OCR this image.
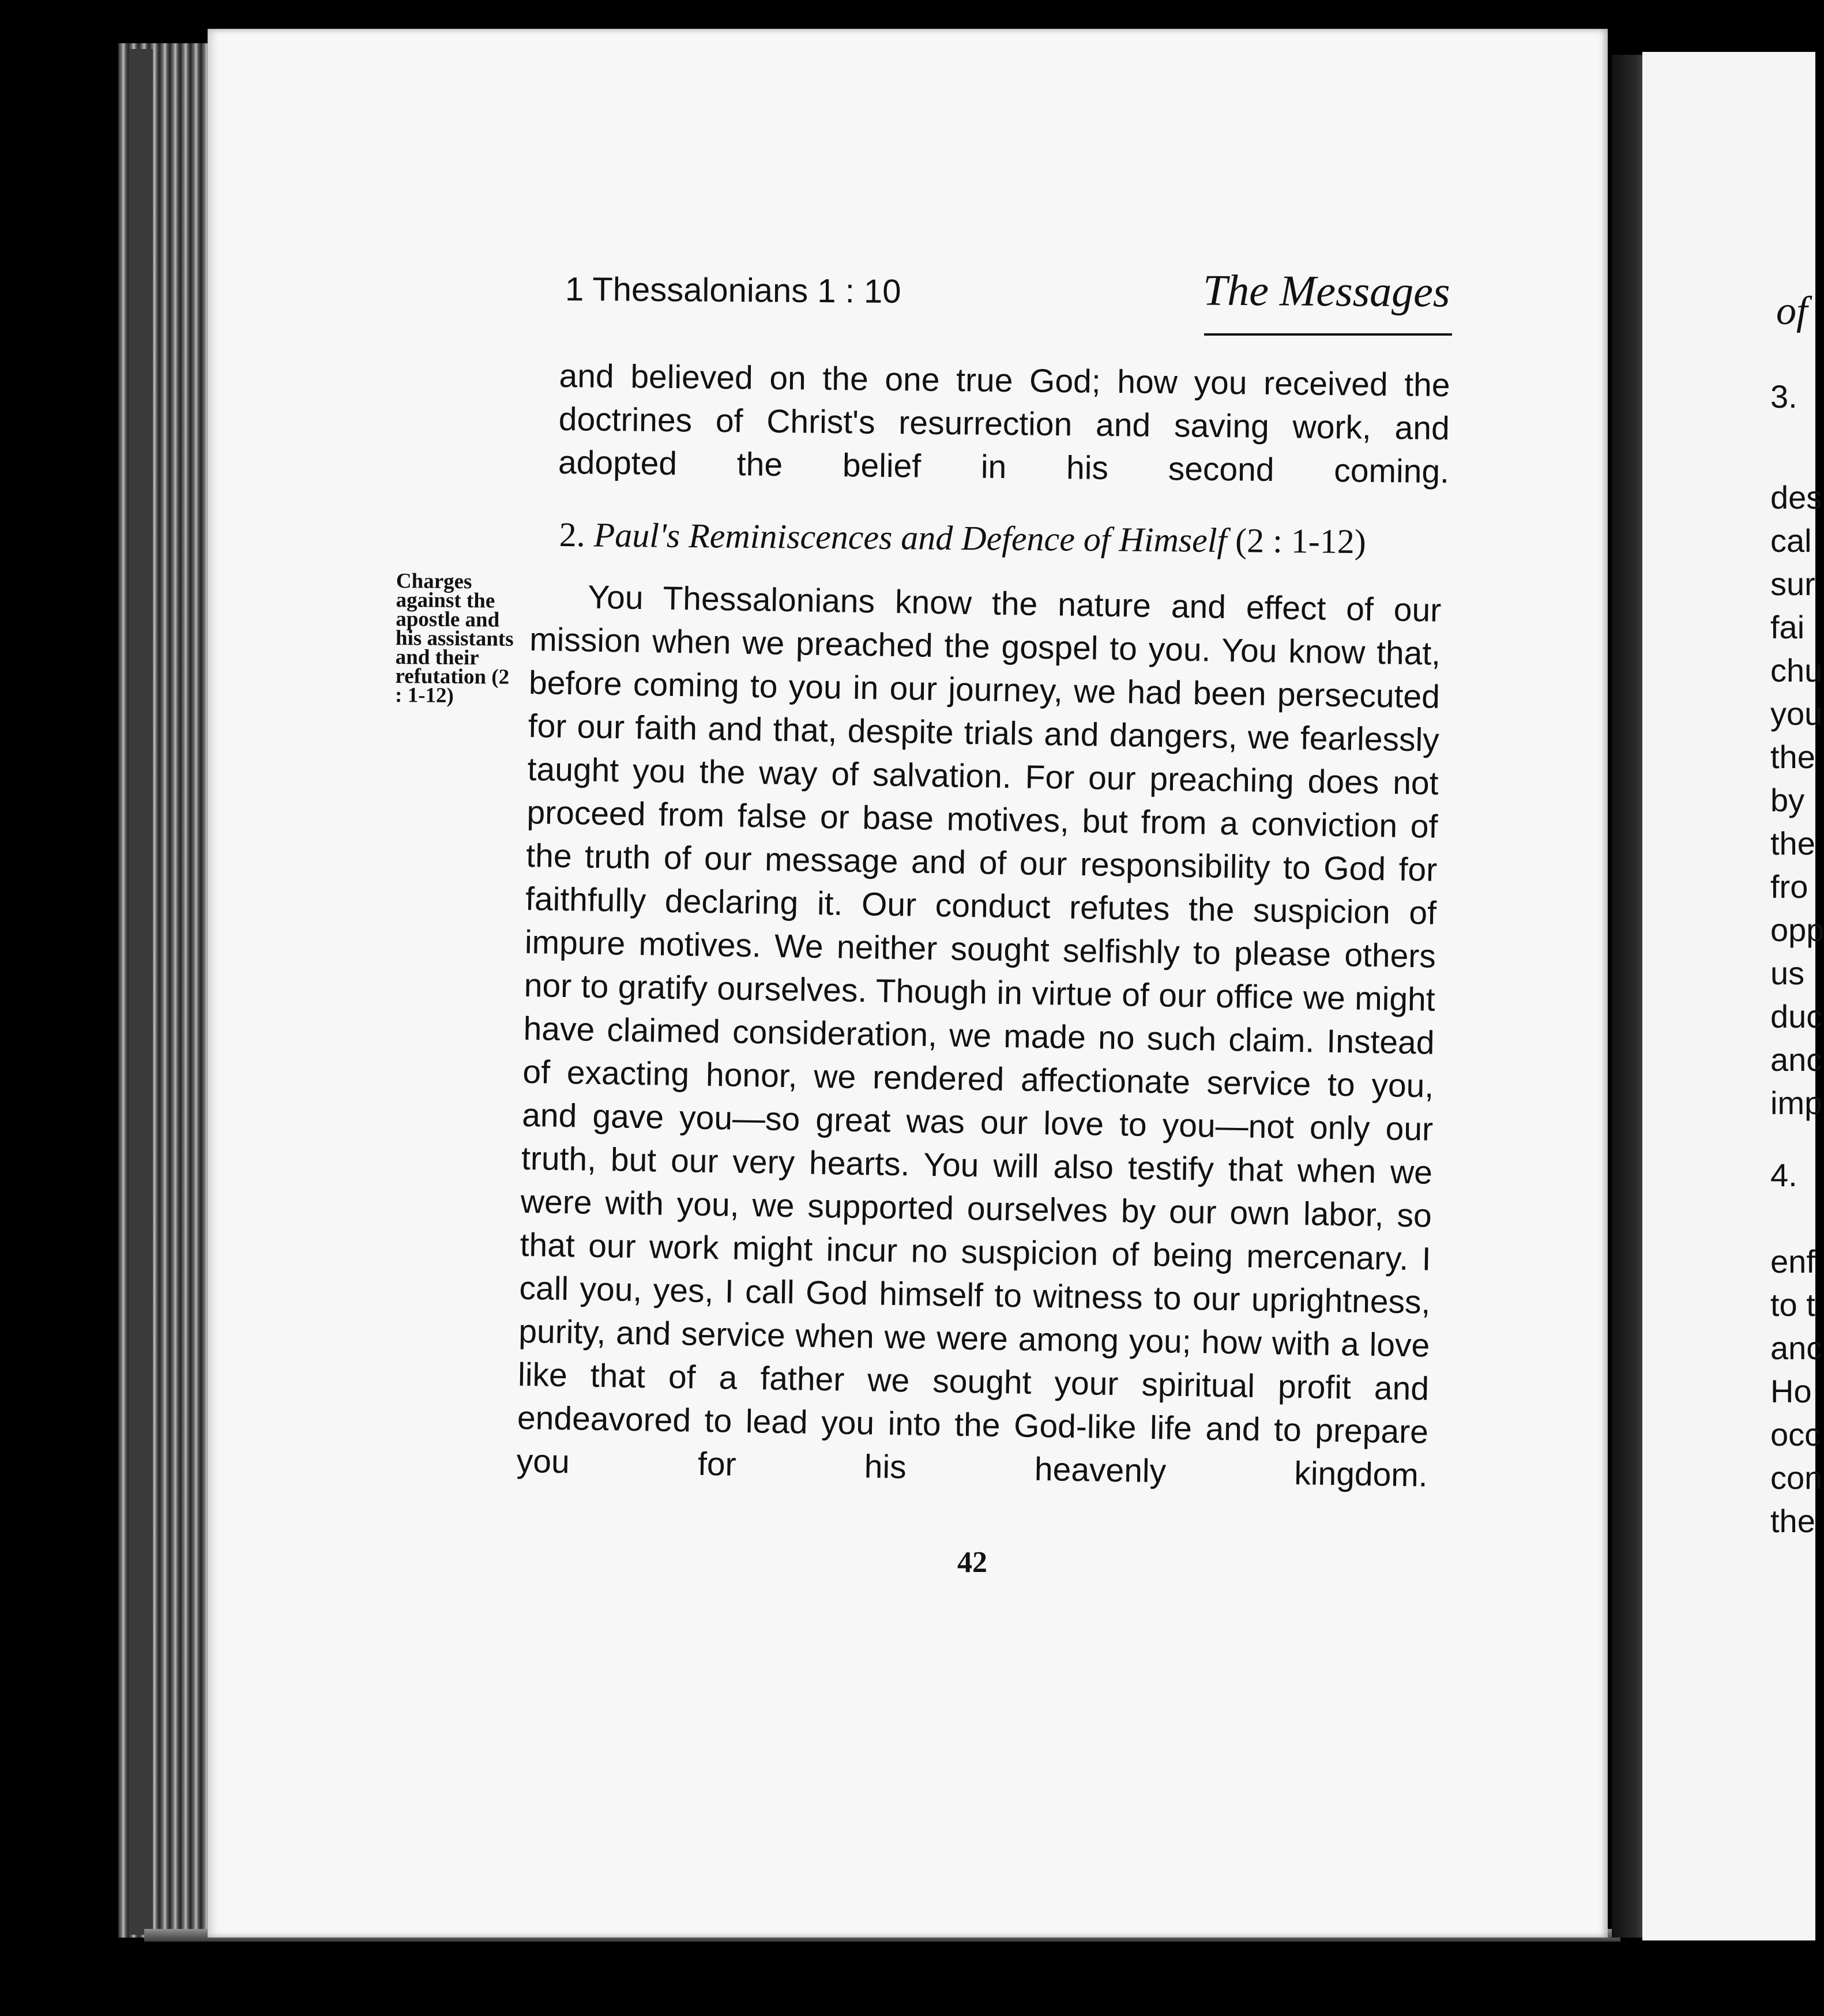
1 Thessalonians 1 : 10	The Messages
and believed on the one true God; how you received the doctrines of Christ's resurrection and saving work, and adopted the belief in his second coming.
2. Paul's Reminiscences and Defence of Himself (2 : 1-12)
Charges against the apostle and his assistants and their refutation (2 : 1-12)
You Thessalonians know the nature and effect of our mission when we preached the gospel to you. You know that, before coming to you in our journey, we had been persecuted for our faith and that, despite trials and dangers, we fearlessly taught you the way of salvation. For our preaching does not proceed from false or base motives, but from a conviction of the truth of our message and of our responsibility to God for faithfully declaring it. Our conduct refutes the suspicion of impure motives. We neither sought selfishly to please others nor to gratify ourselves. Though in virtue of our office we might have claimed consideration, we made no such claim. Instead of exacting honor, we rendered affectionate service to you, and gave you—so great was our love to you—not only our truth, but our very hearts. You will also testify that when we were with you, we supported ourselves by our own labor, so that our work might incur no suspicion of being mercenary. I call you, yes, I call God himself to witness to our uprightness, purity, and service when we were among you; how with a love like that of a father we sought your spiritual profit and endeavored to lead you into the God-like life and to prepare you for his heavenly kingdom.
42
of
3.
des
cal
sur
fai
chu
you
the
by
the
fro
opp
us
duc
anc
imp
4.
enf
to t
anc
Ho
occ
con
the
